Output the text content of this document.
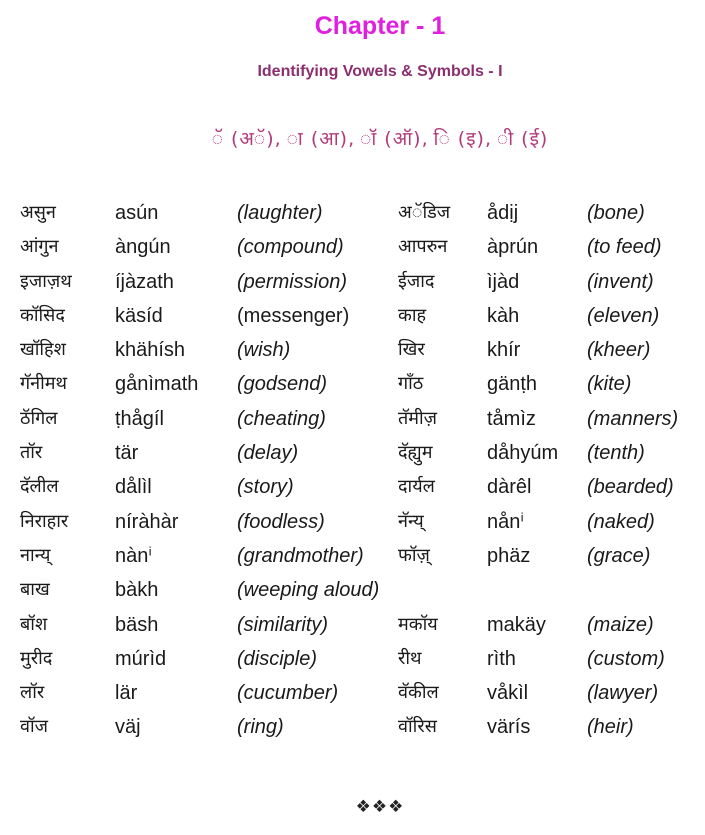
Chapter - 1
Identifying Vowels & Symbols - I
ॅ (अॅ), ा (आ), ॉ (ऑ), ि (इ), ी (ई)
असुन	asún	(laughter)	अॅडिज ådịj	(bone)
आंगुन	àngún	(compound)	आपरुन àprún (to feed)
इजाज़थ íjàzath	(permission)	ईजाद	ìjàd	(invent)
कॉसिद	käsíd	(messenger)	काह	kàh	(eleven)
खॉहिश khähísh	(wish)	खिर	khír	(kheer)
गॅनीमथ gånìmath (godsend)	गाँठ	gänṭh (kite)
ठॅगिल	ṭhågíl	(cheating)	तॅमीज़ tåmìz	(manners)
तॉर	tär	(delay)	दॅह्युम	dåhyúm (tenth)
दॅलील	dålìl	(story)	दार्यल	dàrêl	(bearded)
निराहार níràhàr	(foodless)	नॅन्य्	nånⁱ	(naked)
नान्य्	nànⁱ	(grandmother) फॉज़्	phäz	(grace)
बाख	bàkh	(weeping aloud)
बॉश	bäsh	(similarity)	मकॉय makäy (maize)
मुरीद	múrìd	(disciple)	रीथ	rìth	(custom)
लॉर	lär	(cucumber)	वॅकील våkìl	(lawyer)
वॉज	väj	(ring)	वॉरिस	värís	(heir)
❖❖❖
